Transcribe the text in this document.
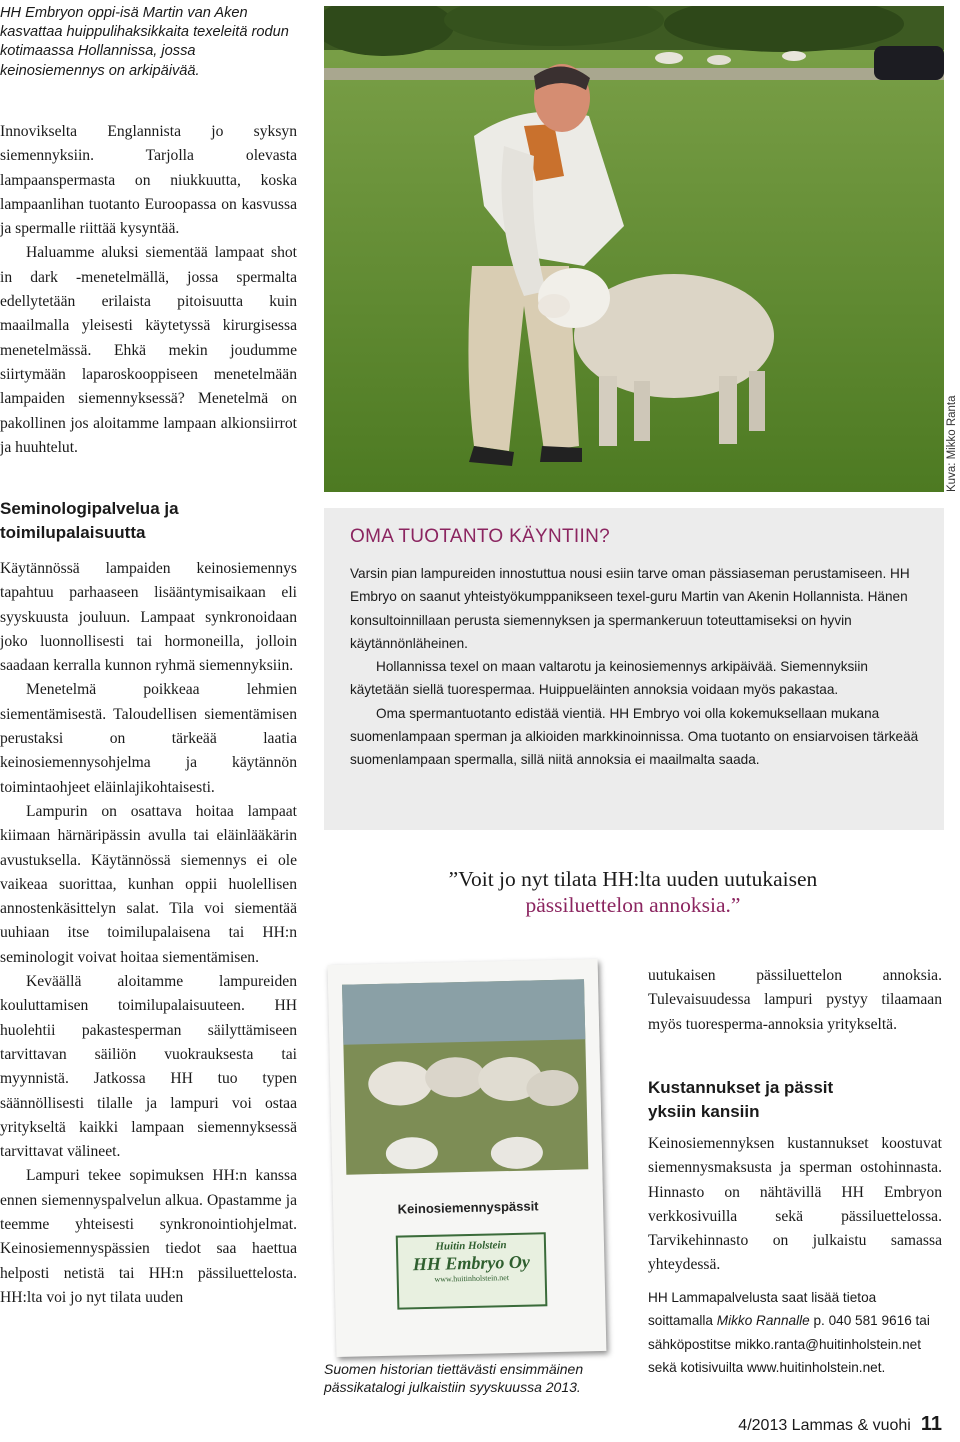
HH Embryon oppi-isä Martin van Aken kasvattaa huippulihaksikkaita texeleitä rodun kotimaassa Hollannissa, jossa keinosiemennys on arkipäivää.
Kuva: Mikko Ranta

Innovikselta Englannista jo syksyn siemennyksiin. Tarjolla olevasta lampaanspermasta on niukkuutta, koska lampaanlihan tuotanto Euroopassa on kasvussa ja spermalle riittää kysyntää.

Haluamme aluksi siementää lampaat shot in dark -menetelmällä, jossa spermalta edellytetään erilaista pitoisuutta kuin maailmalla yleisesti käytetyssä kirurgisessa menetelmässä. Ehkä mekin joudumme siirtymään laparoskooppiseen menetelmään lampaiden siemennyksessä? Menetelmä on pakollinen jos aloitamme lampaan alkionsiirrot ja huuhtelut.

Seminologipalvelua ja toimilupalaisuutta

Käytännössä lampaiden keinosiemennys tapahtuu parhaaseen lisääntymisaikaan eli syyskuusta jouluun. Lampaat synkronoidaan joko luonnollisesti tai hormoneilla, jolloin saadaan kerralla kunnon ryhmä siemennyksiin.

Menetelmä poikkeaa lehmien siementämisestä. Taloudellisen siementämisen perustaksi on tärkeää laatia keinosiemennysohjelma ja käytännön toimintaohjeet eläinlajikohtaisesti.

Lampurin on osattava hoitaa lampaat kiimaan härnäripässin avulla tai eläinlääkärin avustuksella. Käytännössä siemennys ei ole vaikeaa suorittaa, kunhan oppii huolellisen annostenkäsittelyn salat. Tila voi siementää uuhiaan itse toimilupalaisena tai HH:n seminologit voivat hoitaa siementämisen.

Keväällä aloitamme lampureiden kouluttamisen toimilupalaisuuteen. HH huolehtii pakastesperman säilyttämiseen tarvittavan säiliön vuokrauksesta tai myynnistä. Jatkossa HH tuo typen säännöllisesti tilalle ja lampuri voi ostaa yritykseltä kaikki lampaan siemennyksessä tarvittavat välineet.

Lampuri tekee sopimuksen HH:n kanssa ennen siemennyspalvelun alkua. Opastamme ja teemme yhteisesti synkronointiohjelmat. Keinosiemennyspässien tiedot saa haettua helposti netistä tai HH:n pässiluettelosta. HH:lta voi jo nyt tilata uuden

OMA TUOTANTO KÄYNTIIN?

Varsin pian lampureiden innostuttua nousi esiin tarve oman pässiaseman perustamiseen. HH Embryo on saanut yhteistyökumppanikseen texel-guru Martin van Akenin Hollannista. Hänen konsultoinnillaan perusta siemennyksen ja spermankeruun toteuttamiseksi on hyvin käytännönläheinen.

Hollannissa texel on maan valtarotu ja keinosiemennys arkipäivää. Siemennyksiin käytetään siellä tuorespermaa. Huippueläinten annoksia voidaan myös pakastaa.

Oma spermantuotanto edistää vientiä. HH Embryo voi olla kokemuksellaan mukana suomenlampaan sperman ja alkioiden markkinoinnissa. Oma tuotanto on ensiarvoisen tärkeää suomenlampaan spermalla, sillä niitä annoksia ei maailmalta saada.

”Voit jo nyt tilata HH:lta uuden uutukaisen
pässiluettelon annoksia.”
Keinosiemennyspässit
Huitin Holstein
HH Embryo Oy
www.huitinholstein.net
Suomen historian tiettävästi ensimmäinen pässikatalogi julkaistiin syyskuussa 2013.

uutukaisen pässiluettelon annoksia. Tulevaisuudessa lampuri pystyy tilaamaan myös tuoresperma-annoksia yritykseltä.

Kustannukset ja pässit yksiin kansiin

Keinosiemennyksen kustannukset koostuvat siemennysmaksusta ja sperman ostohinnasta. Hinnasto on nähtävillä HH Embryon verkkosivuilla sekä pässiluettelossa. Tarvikehinnasto on julkaistu samassa yhteydessä.

HH Lammapalvelusta saat lisää tietoa soittamalla Mikko Rannalle p. 040 581 9616 tai sähköpostitse mikko.ranta@huitinholstein.net sekä kotisivuilta www.huitinholstein.net.
4/2013 Lammas & vuohi 11
